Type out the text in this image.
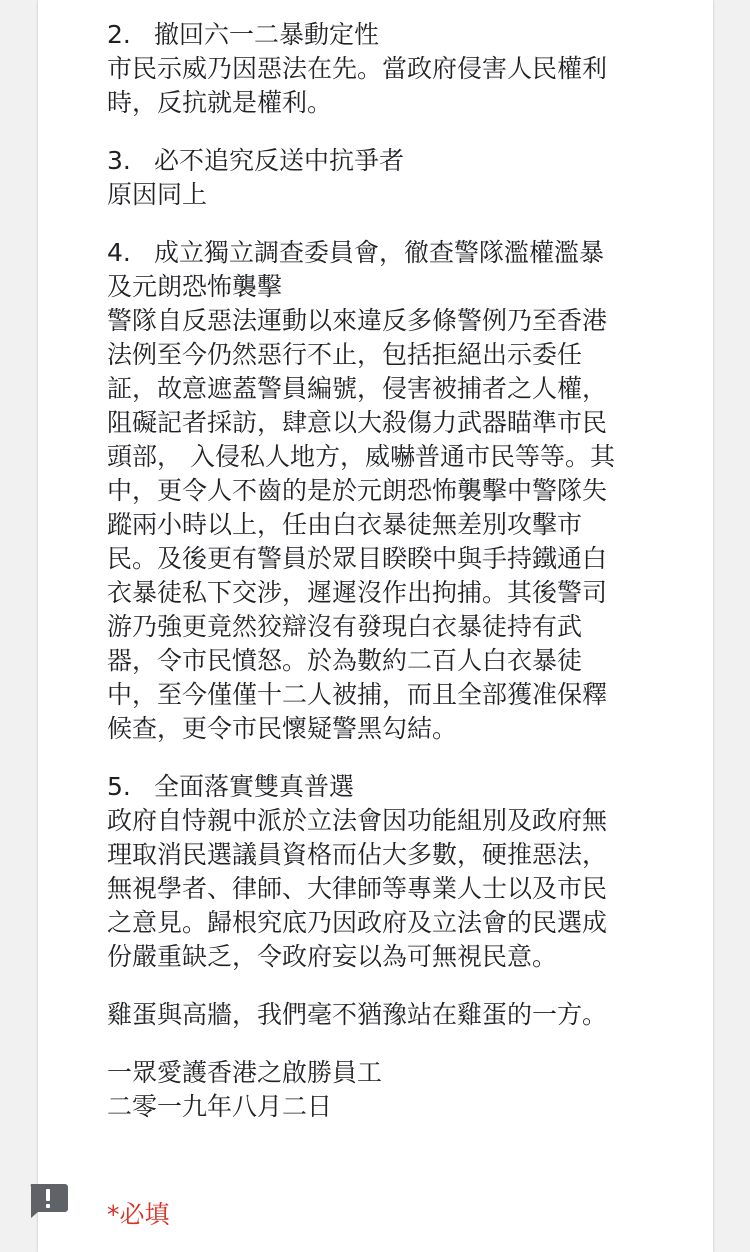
2. 撤回六一二暴動定性
市民示威乃因惡法在先。當政府侵害人民權利
時，反抗就是權利。
3. 必不追究反送中抗爭者
原因同上
4. 成立獨立調查委員會，徹查警隊濫權濫暴
及元朗恐怖襲擊
警隊自反惡法運動以來違反多條警例乃至香港
法例至今仍然惡行不止，包括拒絕出示委任
証，故意遮蓋警員編號，侵害被捕者之人權，
阻礙記者採訪，肆意以大殺傷力武器瞄準市民
頭部， 入侵私人地方，威嚇普通市民等等。其
中，更令人不齒的是於元朗恐怖襲擊中警隊失
蹤兩小時以上，任由白衣暴徒無差別攻擊市
民。及後更有警員於眾目睽睽中與手持鐵通白
衣暴徒私下交涉，遲遲沒作出拘捕。其後警司
游乃強更竟然狡辯沒有發現白衣暴徒持有武
器，令市民憤怒。於為數約二百人白衣暴徒
中，至今僅僅十二人被捕，而且全部獲准保釋
候查，更令市民懷疑警黑勾結。
5. 全面落實雙真普選
政府自恃親中派於立法會因功能組別及政府無
理取消民選議員資格而佔大多數，硬推惡法，
無視學者、律師、大律師等專業人士以及市民
之意見。歸根究底乃因政府及立法會的民選成
份嚴重缺乏，令政府妄以為可無視民意。
雞蛋與高牆，我們毫不猶豫站在雞蛋的一方。
一眾愛護香港之啟勝員工
二零一九年八月二日
*必填
